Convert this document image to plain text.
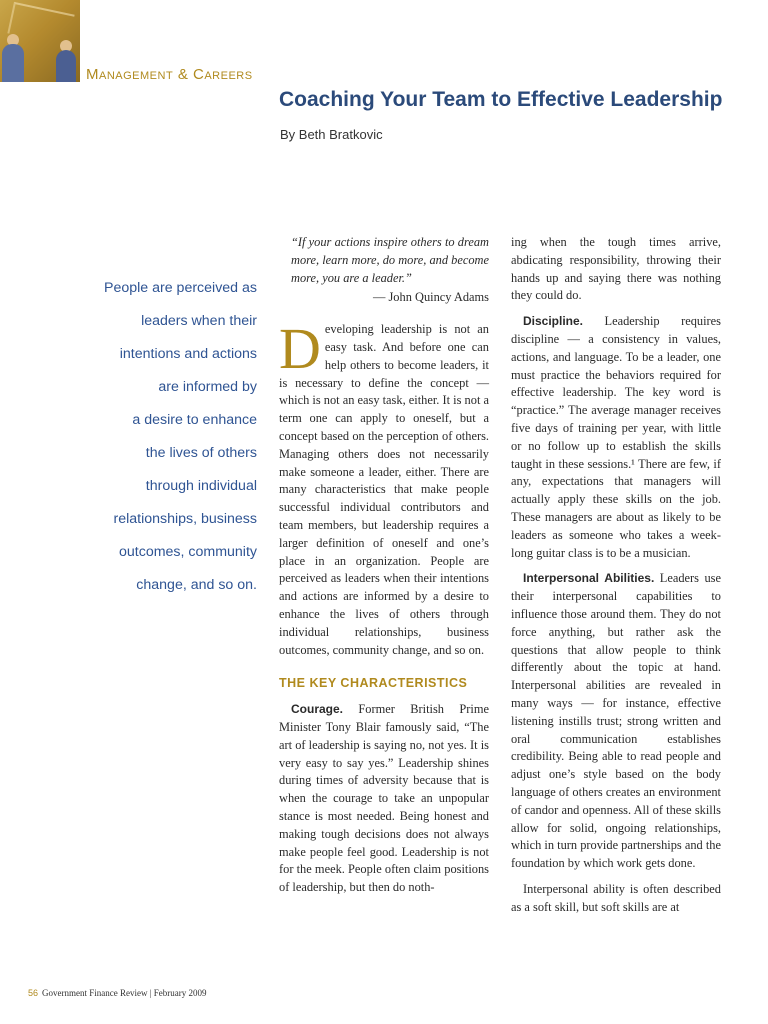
Management & Careers
Coaching Your Team to Effective Leadership
By Beth Bratkovic
People are perceived as
leaders when their
intentions and actions
are informed by
a desire to enhance
the lives of others
through individual
relationships, business
outcomes, community
change, and so on.

“If your actions inspire others to dream more, learn more, do more, and become more, you are a leader.”

— John Quincy Adams

Developing leadership is not an easy task. And before one can help others to become leaders, it is necessary to define the concept — which is not an easy task, either. It is not a term one can apply to oneself, but a concept based on the perception of others. Managing others does not necessarily make someone a leader, either. There are many characteristics that make people successful individual contributors and team members, but leadership requires a larger definition of oneself and one’s place in an organization. People are perceived as leaders when their intentions and actions are informed by a desire to enhance the lives of others through individual relationships, business outcomes, community change, and so on.

THE KEY CHARACTERISTICS

Courage. Former British Prime Minister Tony Blair famously said, “The art of leadership is saying no, not yes. It is very easy to say yes.” Leadership shines during times of adversity because that is when the courage to take an unpopular stance is most needed. Being honest and making tough decisions does not always make people feel good. Leadership is not for the meek. People often claim positions of leadership, but then do noth-

ing when the tough times arrive, abdicating responsibility, throwing their hands up and saying there was nothing they could do.

Discipline. Leadership requires discipline — a consistency in values, actions, and language. To be a leader, one must practice the behaviors required for effective leadership. The key word is “practice.” The average manager receives five days of training per year, with little or no follow up to establish the skills taught in these sessions.¹ There are few, if any, expectations that managers will actually apply these skills on the job. These managers are about as likely to be leaders as someone who takes a week-long guitar class is to be a musician.

Interpersonal Abilities. Leaders use their interpersonal capabilities to influence those around them. They do not force anything, but rather ask the questions that allow people to think differently about the topic at hand. Interpersonal abilities are revealed in many ways — for instance, effective listening instills trust; strong written and oral communication establishes credibility. Being able to read people and adjust one’s style based on the body language of others creates an environment of candor and openness. All of these skills allow for solid, ongoing relationships, which in turn provide partnerships and the foundation by which work gets done.

Interpersonal ability is often described as a soft skill, but soft skills are at

56 Government Finance Review | February 2009
